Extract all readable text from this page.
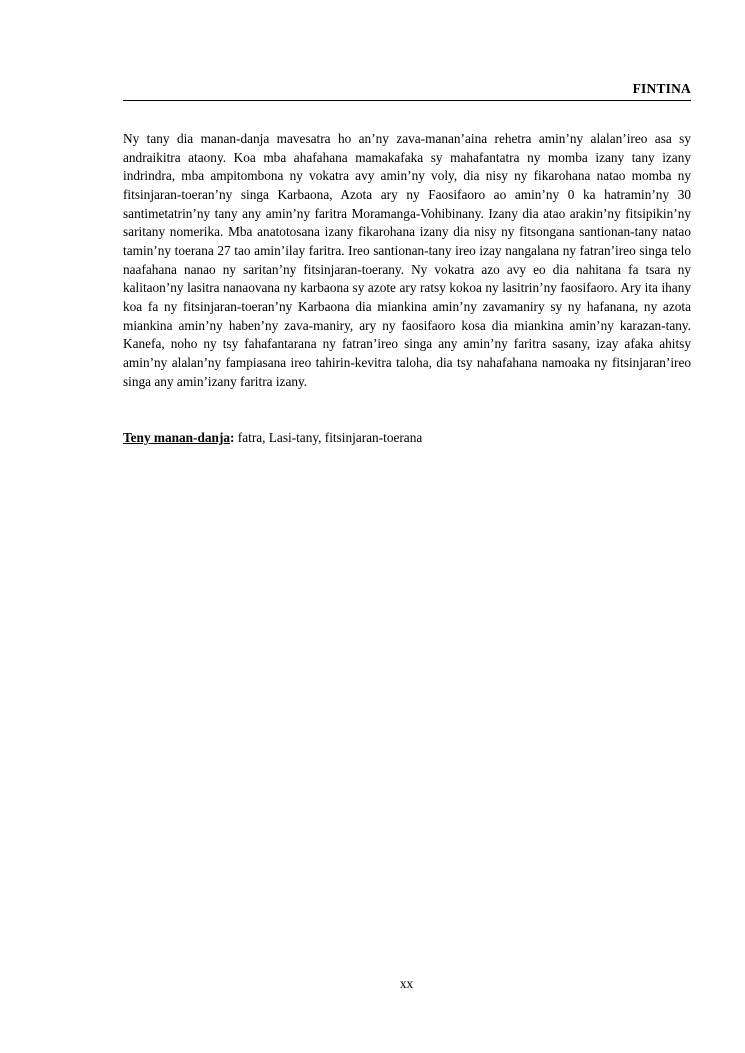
FINTINA

Ny tany dia manan-danja mavesatra ho an’ny zava-manan’aina rehetra amin’ny alalan’ireo asa sy andraikitra ataony. Koa mba ahafahana mamakafaka sy mahafantatra ny momba izany tany izany indrindra, mba ampitombona ny vokatra avy amin’ny voly, dia nisy ny fikarohana natao momba ny fitsinjaran-toeran’ny singa Karbaona, Azota ary ny Faosifaoro ao amin’ny 0 ka hatramin’ny 30 santimetatrin’ny tany any amin’ny faritra Moramanga-Vohibinany. Izany dia atao arakin’ny fitsipikin’ny saritany nomerika. Mba anatotosana izany fikarohana izany dia nisy ny fitsongana santionan-tany natao tamin’ny toerana 27 tao amin’ilay faritra. Ireo santionan-tany ireo izay nangalana ny fatran’ireo singa telo naafahana nanao ny saritan’ny fitsinjaran-toerany. Ny vokatra azo avy eo dia nahitana fa tsara ny kalitaon’ny lasitra nanaovana ny karbaona sy azote ary ratsy kokoa ny lasitrin’ny faosifaoro. Ary ita ihany koa fa ny fitsinjaran-toeran’ny Karbaona dia miankina amin’ny zavamaniry sy ny hafanana, ny azota miankina amin’ny haben’ny zava-maniry, ary ny faosifaoro kosa dia miankina amin’ny karazan-tany. Kanefa, noho ny tsy fahafantarana ny fatran’ireo singa any amin’ny faritra sasany, izay afaka ahitsy amin’ny alalan’ny fampiasana ireo tahirin-kevitra taloha, dia tsy nahafahana namoaka ny fitsinjaran’ireo singa any amin’izany faritra izany.

Teny manan-danja: fatra, Lasi-tany, fitsinjaran-toerana

xx
